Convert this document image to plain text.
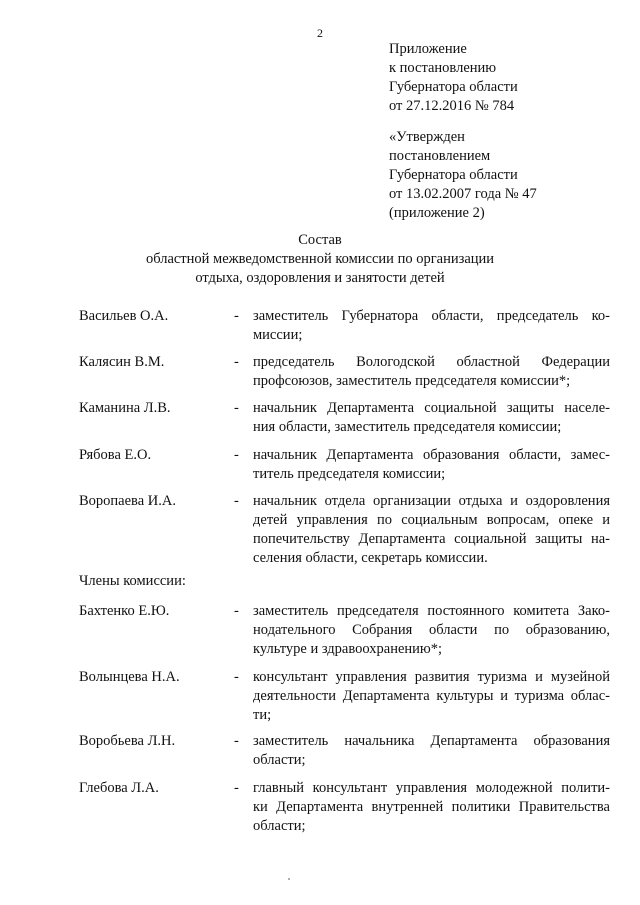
2
Приложение
к постановлению
Губернатора области
от 27.12.2016 № 784
«Утвержден
постановлением
Губернатора области
от 13.02.2007 года № 47
(приложение 2)
Состав
областной межведомственной комиссии по организации
отдыха, оздоровления и занятости детей
Васильев О.А.	- заместитель Губернатора области, председатель ко-
миссии;
Калясин В.М.	- председатель Вологодской областной Федерации
профсоюзов, заместитель председателя комиссии*;
Каманина Л.В.	- начальник Департамента социальной защиты населе-
ния области, заместитель председателя комиссии;
Рябова Е.О.	- начальник Департамента образования области, замес-
титель председателя комиссии;
Воропаева И.А.	- начальник отдела организации отдыха и оздоровления
детей управления по социальным вопросам, опеке и
попечительству Департамента социальной защиты на-
селения области, секретарь комиссии.
Члены комиссии:
Бахтенко Е.Ю.	- заместитель председателя постоянного комитета Зако-
нодательного Собрания области по образованию,
культуре и здравоохранению*;
Волынцева Н.А.	- консультант управления развития туризма и музейной
деятельности Департамента культуры и туризма облас-
ти;
Воробьева Л.Н.	- заместитель начальника Департамента образования
области;
Глебова Л.А.	- главный консультант управления молодежной полити-
ки Департамента внутренней политики Правительства
области;
